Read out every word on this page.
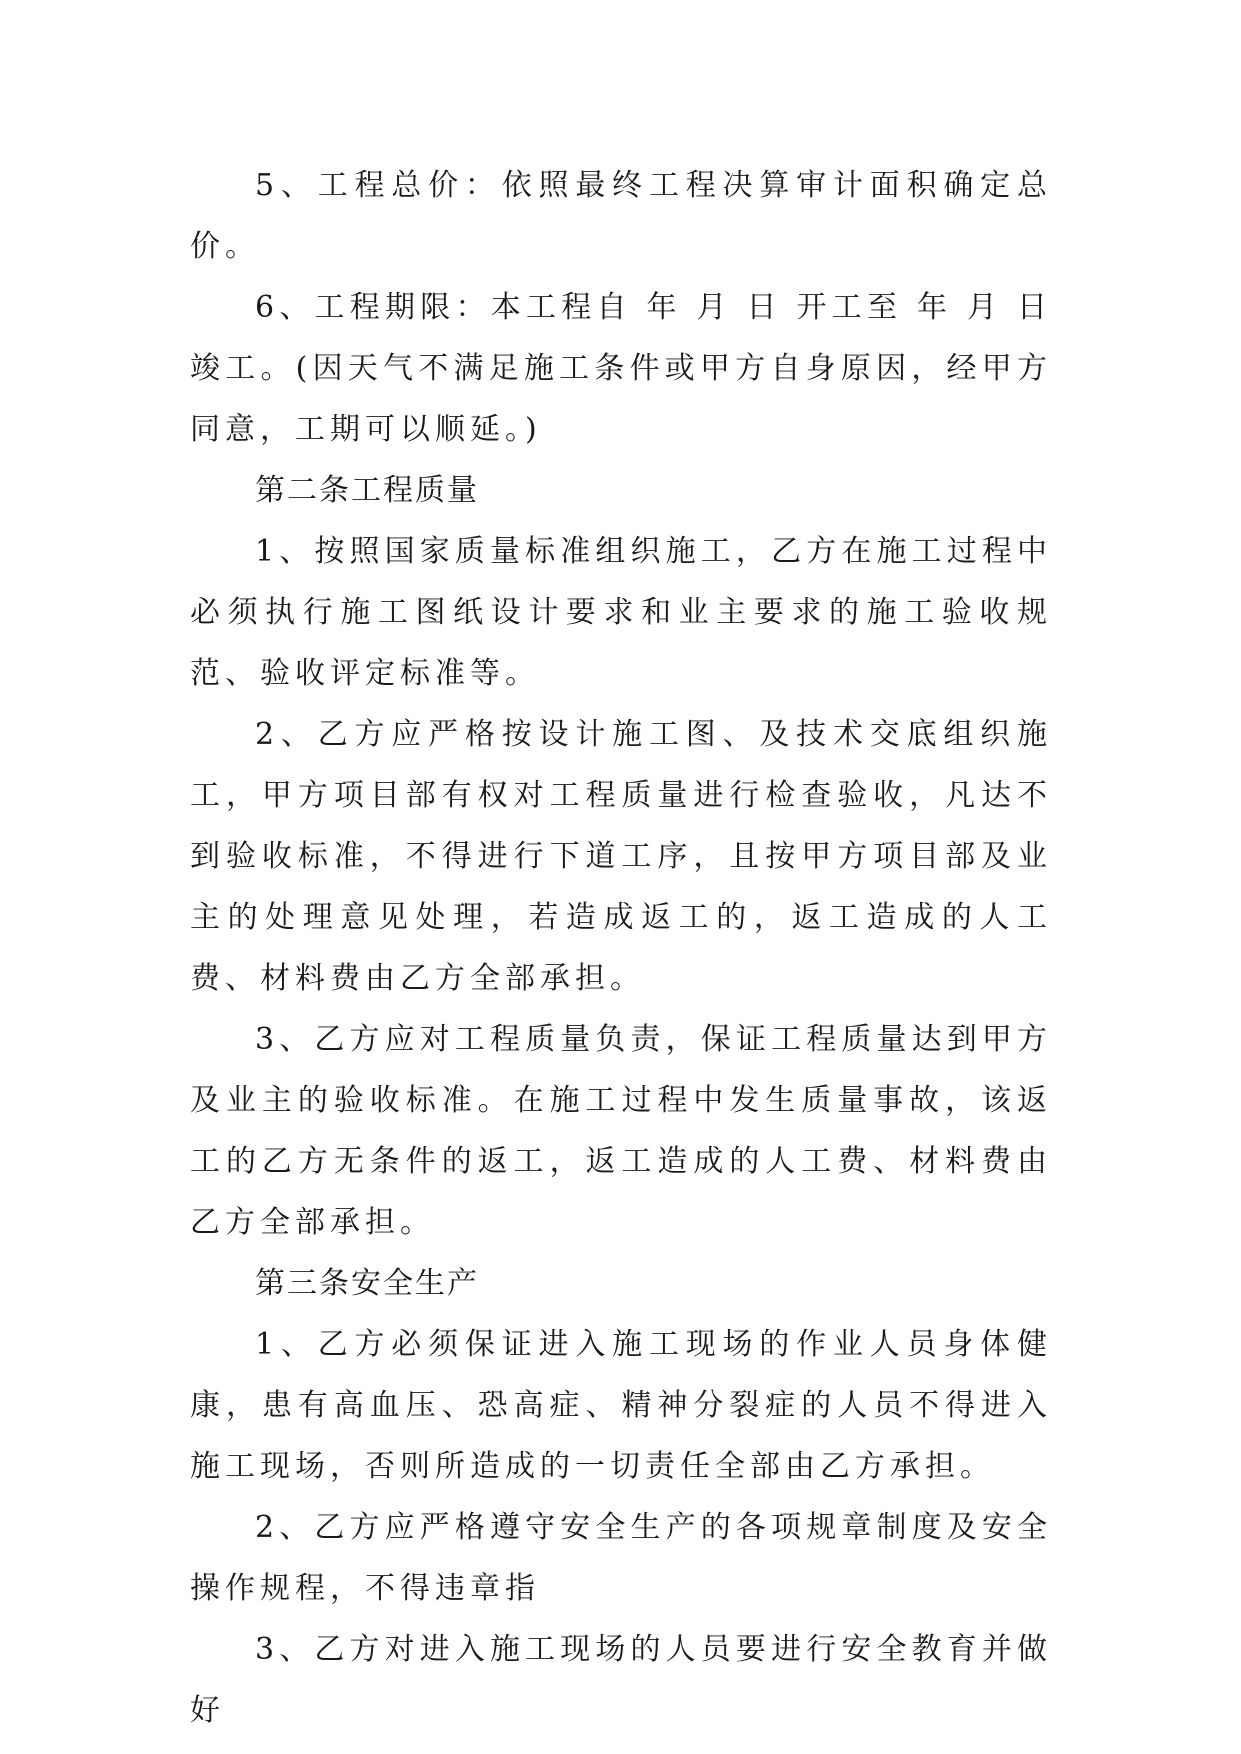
5、工程总价：依照最终工程决算审计面积确定总价。

6、工程期限：本工程自 年 月 日 开工至 年 月 日竣工。(因天气不满足施工条件或甲方自身原因，经甲方同意，工期可以顺延。)

第二条工程质量

1、按照国家质量标准组织施工，乙方在施工过程中必须执行施工图纸设计要求和业主要求的施工验收规范、验收评定标准等。

2、乙方应严格按设计施工图、及技术交底组织施工，甲方项目部有权对工程质量进行检查验收，凡达不到验收标准，不得进行下道工序，且按甲方项目部及业主的处理意见处理，若造成返工的，返工造成的人工费、材料费由乙方全部承担。

3、乙方应对工程质量负责，保证工程质量达到甲方及业主的验收标准。在施工过程中发生质量事故，该返工的乙方无条件的返工，返工造成的人工费、材料费由乙方全部承担。

第三条安全生产

1、乙方必须保证进入施工现场的作业人员身体健康，患有高血压、恐高症、精神分裂症的人员不得进入施工现场，否则所造成的一切责任全部由乙方承担。

2、乙方应严格遵守安全生产的各项规章制度及安全操作规程，不得违章指

3、乙方对进入施工现场的人员要进行安全教育并做好
